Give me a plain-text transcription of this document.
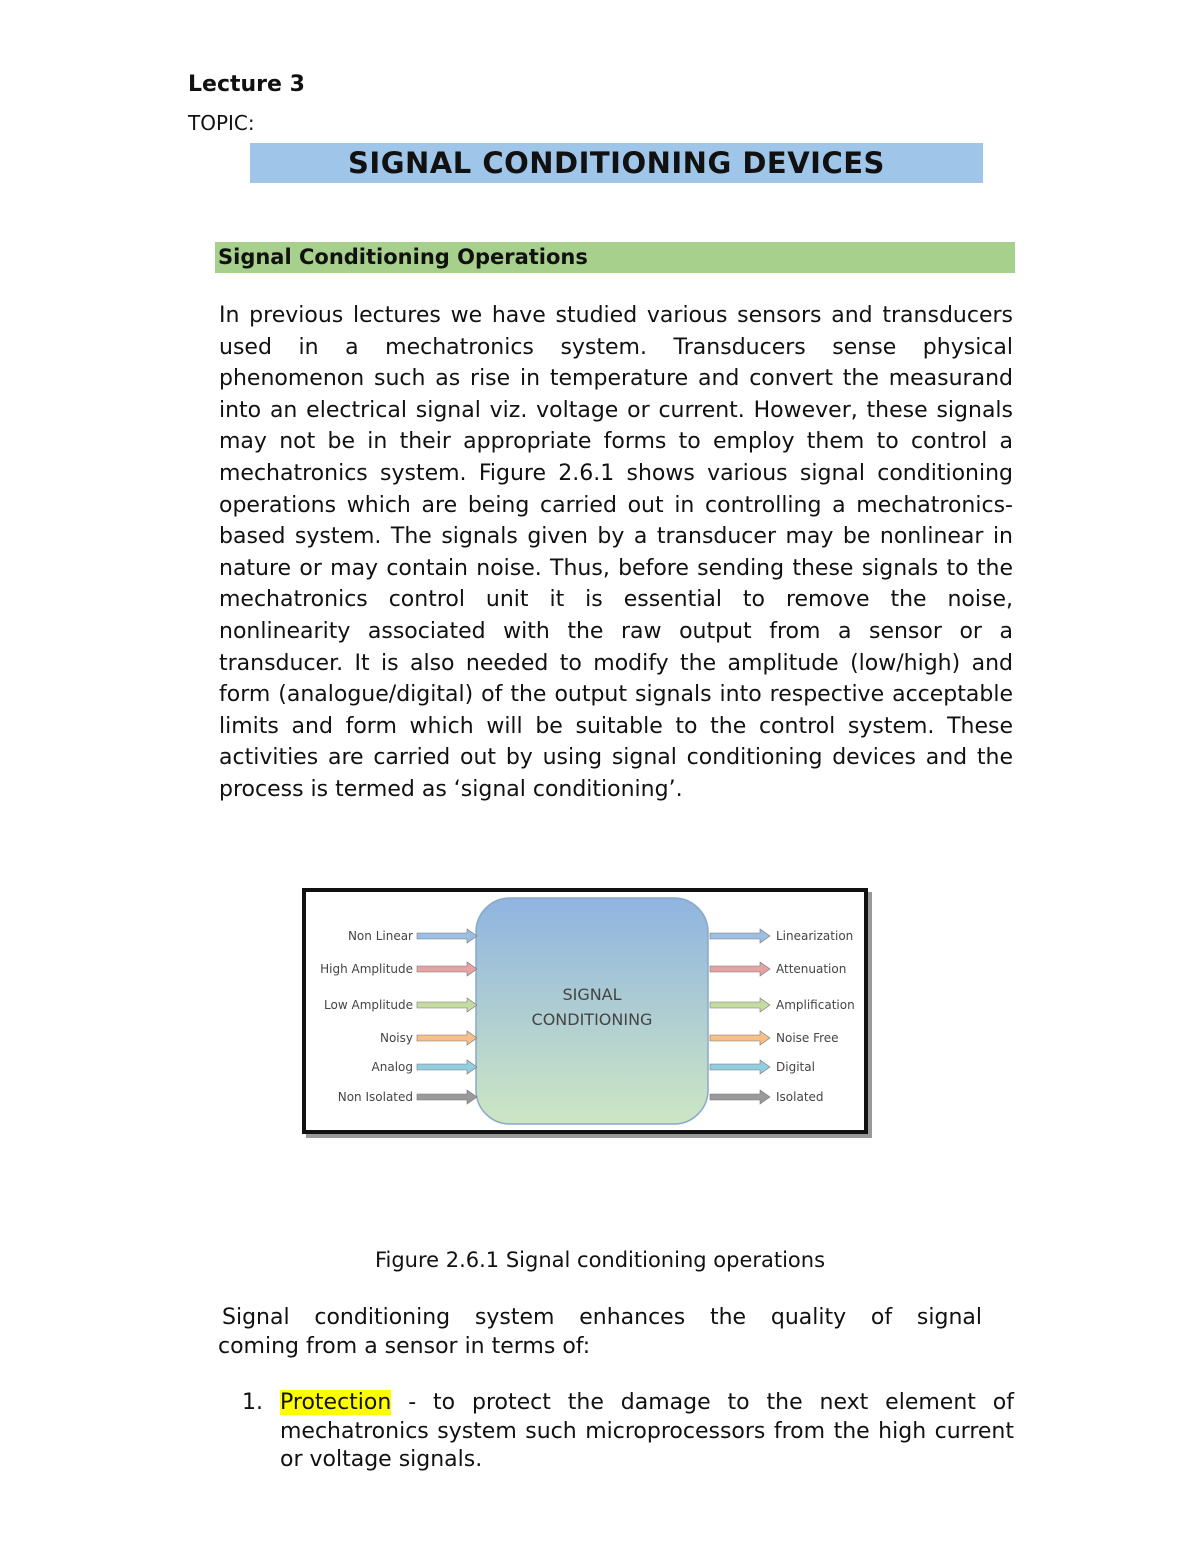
Lecture 3
TOPIC:
SIGNAL CONDITIONING DEVICES
Signal Conditioning Operations
In previous lectures we have studied various sensors and transducers used in a mechatronics system. Transducers sense physical phenomenon such as rise in temperature and convert the measurand into an electrical signal viz. voltage or current. However, these signals may not be in their appropriate forms to employ them to control a mechatronics system. Figure 2.6.1 shows various signal conditioning operations which are being carried out in controlling a mechatronics-based system. The signals given by a transducer may be nonlinear in nature or may contain noise. Thus, before sending these signals to the mechatronics control unit it is essential to remove the noise, nonlinearity associated with the raw output from a sensor or a transducer. It is also needed to modify the amplitude (low/high) and form (analogue/digital) of the output signals into respective acceptable limits and form which will be suitable to the control system. These activities are carried out by using signal conditioning devices and the process is termed as ‘signal conditioning’.
SIGNAL
CONDITIONING
Non Linear
High Amplitude
Low Amplitude
Noisy
Analog
Non Isolated
Linearization
Attenuation
Amplification
Noise Free
Digital
Isolated
Figure 2.6.1 Signal conditioning operations
Signal conditioning system enhances the quality of signal
coming from a sensor in terms of:
1. Protection - to protect the damage to the next element of mechatronics system such microprocessors from the high current or voltage signals.
